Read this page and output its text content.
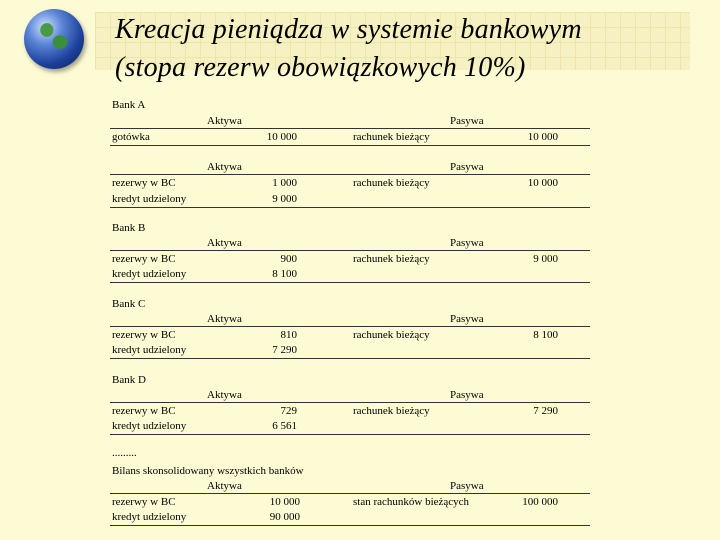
Kreacja pieniądza w systemie bankowym
(stopa rezerw obowiązkowych 10%)
Bank A
Aktywa	Pasywa
gotówka	10 000	rachunek bieżący	10 000
Aktywa	Pasywa
rezerwy w BC	1 000	rachunek bieżący	10 000
kredyt udzielony	9 000
Bank B
Aktywa	Pasywa
rezerwy w BC	900	rachunek bieżący	9 000
kredyt udzielony	8 100
Bank C
Aktywa	Pasywa
rezerwy w BC	810	rachunek bieżący	8 100
kredyt udzielony	7 290
Bank D
Aktywa	Pasywa
rezerwy w BC	729	rachunek bieżący	7 290
kredyt udzielony	6 561
.........
Bilans skonsolidowany wszystkich banków
Aktywa	Pasywa
rezerwy w BC	10 000	stan rachunków bieżących	100 000
kredyt udzielony	90 000
